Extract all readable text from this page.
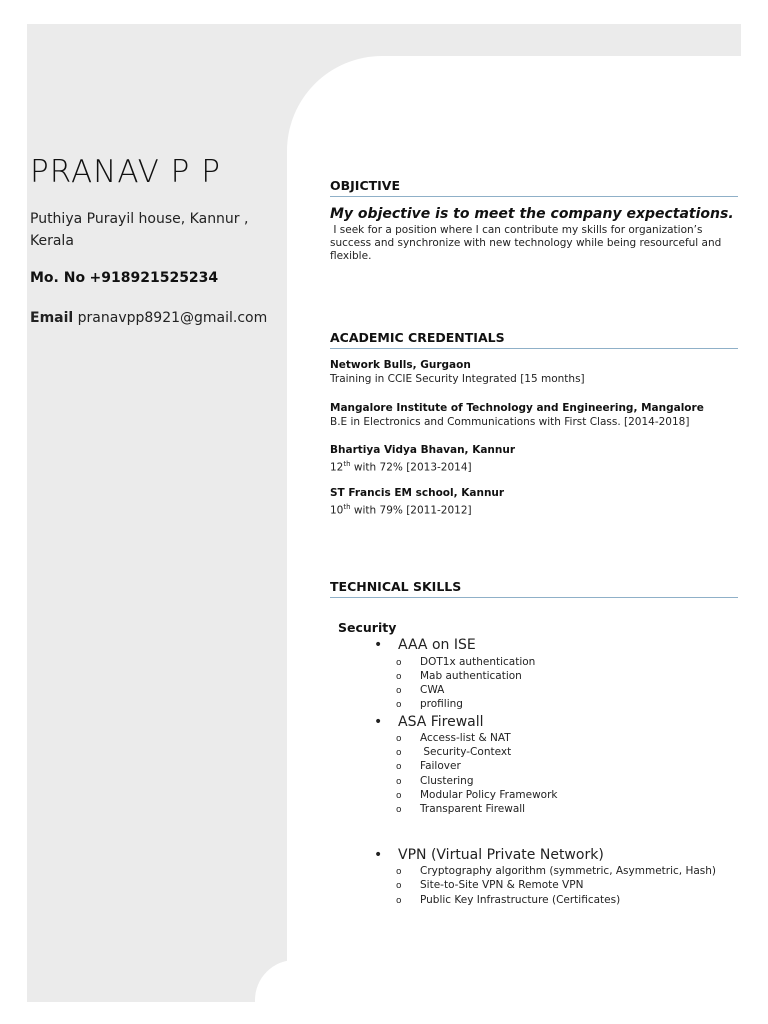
PRANAV P P
Puthiya Purayil house, Kannur , Kerala
Mo. No +918921525234
Email pranavpp8921@gmail.com
OBJICTIVE
My objective is to meet the company expectations.
I seek for a position where I can contribute my skills for organization’s success and synchronize with new technology while being resourceful and flexible.
ACADEMIC CREDENTIALS
Network Bulls, Gurgaon
Training in CCIE Security Integrated [15 months]
Mangalore Institute of Technology and Engineering, Mangalore
B.E in Electronics and Communications with First Class. [2014-2018]
Bhartiya Vidya Bhavan, Kannur
12th with 72% [2013-2014]
ST Francis EM school, Kannur
10th with 79% [2011-2012]
TECHNICAL SKILLS
Security
• AAA on ISE
o DOT1x authentication
o Mab authentication
o CWA
o profiling
• ASA Firewall
o Access-list & NAT
o Security-Context
o Failover
o Clustering
o Modular Policy Framework
o Transparent Firewall
• VPN (Virtual Private Network)
o Cryptography algorithm (symmetric, Asymmetric, Hash)
o Site-to-Site VPN & Remote VPN
o Public Key Infrastructure (Certificates)
